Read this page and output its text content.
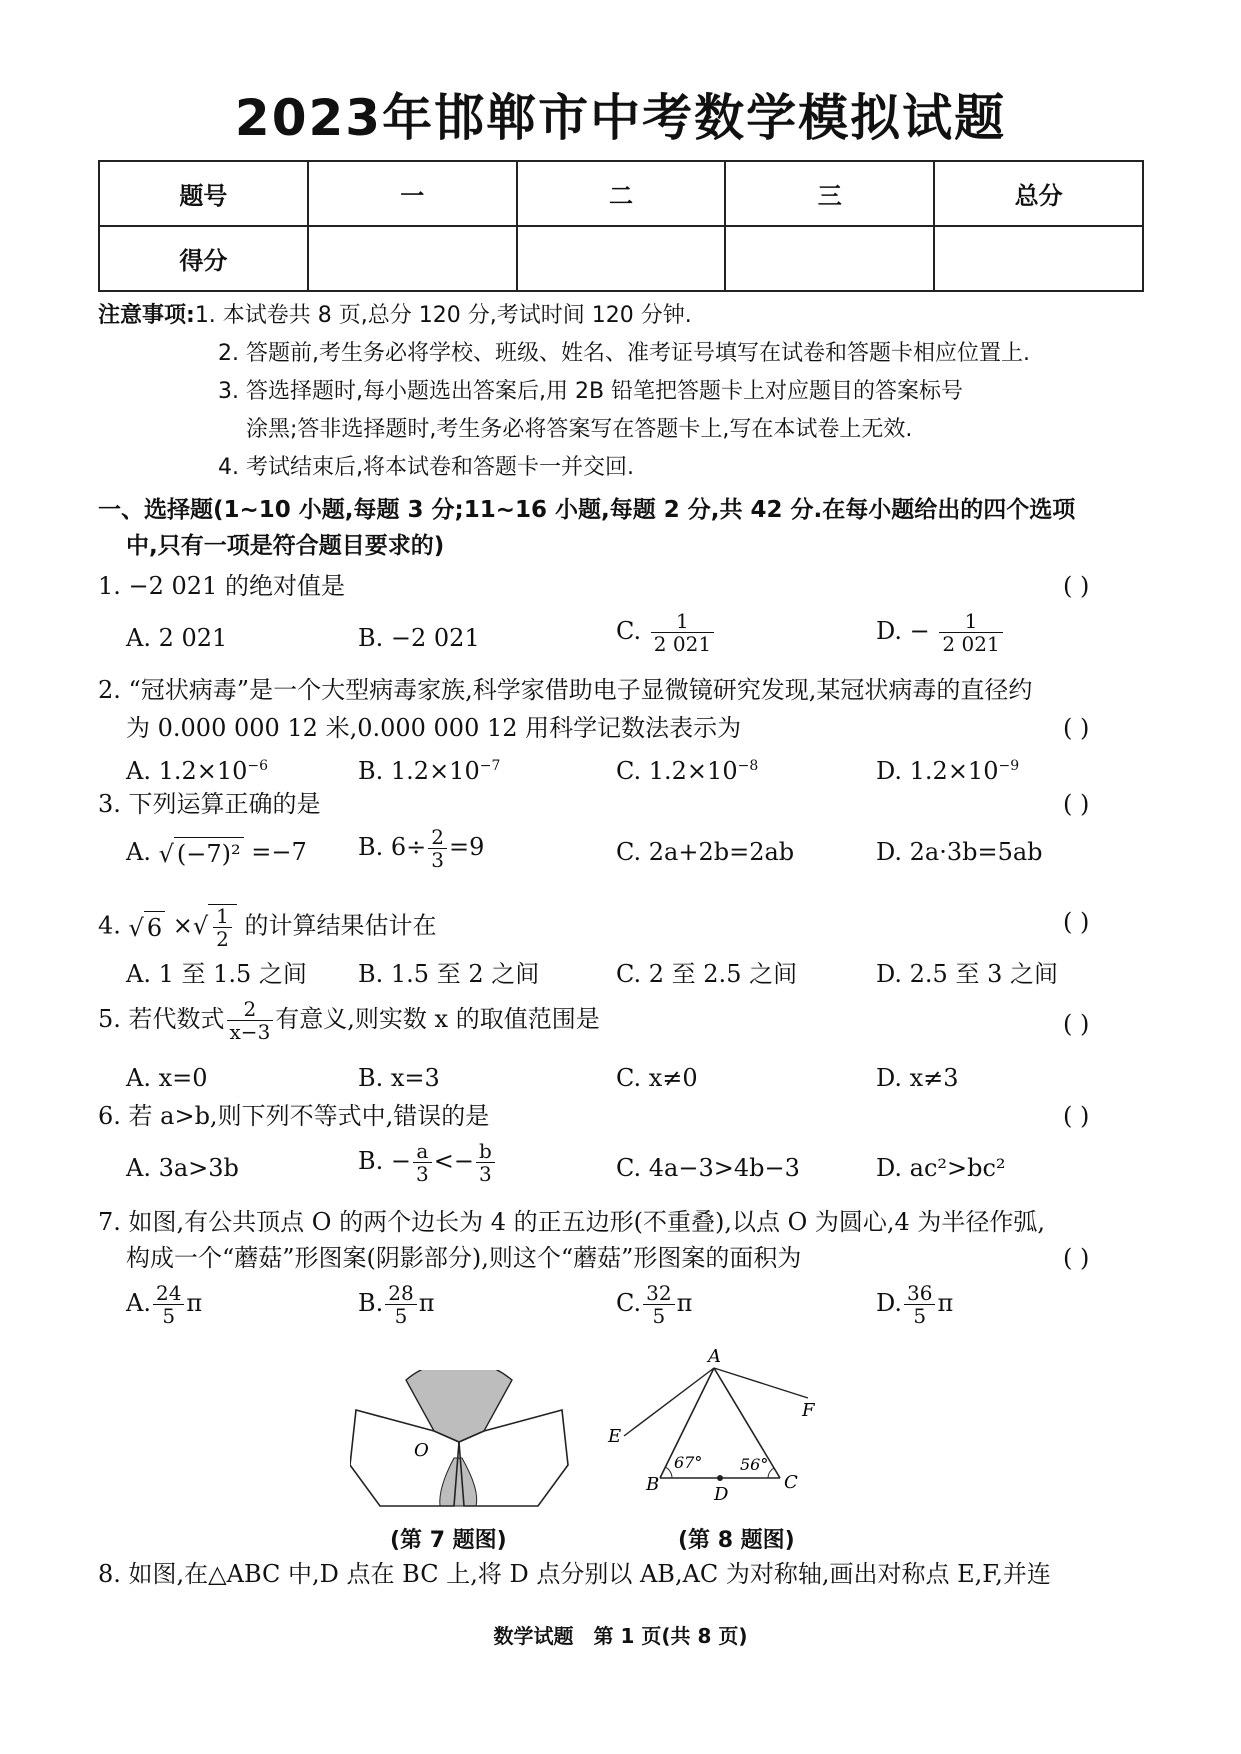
2023年邯郸市中考数学模拟试题
题号	一	二	三	总分
得分				
注意事项:1. 本试卷共 8 页,总分 120 分,考试时间 120 分钟.
2. 答题前,考生务必将学校、班级、姓名、准考证号填写在试卷和答题卡相应位置上.
3. 答选择题时,每小题选出答案后,用 2B 铅笔把答题卡上对应题目的答案标号
涂黑;答非选择题时,考生务必将答案写在答题卡上,写在本试卷上无效.
4. 考试结束后,将本试卷和答题卡一并交回.
一、选择题(1~10 小题,每题 3 分;11~16 小题,每题 2 分,共 42 分.在每小题给出的四个选项
中,只有一项是符合题目要求的)
1. −2 021 的绝对值是	( )
A. 2 021	B. −2 021	C. $\frac{1}{2 021}$	D. − $\frac{1}{2 021}$
2. “冠状病毒”是一个大型病毒家族,科学家借助电子显微镜研究发现,某冠状病毒的直径约
为 0.000 000 12 米,0.000 000 12 用科学记数法表示为	( )
A. $1.2\times 10^{-6}$	B. $1.2\times 10^{-7}$	C. $1.2\times 10^{-8}$	D. $1.2\times 10^{-9}$
3. 下列运算正确的是	( )
A. √ (−7)² =−7 B. $6\div \frac{2}{3} =9$	C. 2a+2b=2ab	D. 2a·3b=5ab
4. √ 6 ×√ $\frac{1}{2}$ 的计算结果估计在	( )
A. 1 至 1.5 之间 B. 1.5 至 2 之间	C. 2 至 2.5 之间	D. 2.5 至 3 之间
5. 若代数式 $\frac{2}{x-3}$ 有意义,则实数 x 的取值范围是	( )
A. x=0	B. x=3	C. x≠0	D. x≠3
6. 若 a>b,则下列不等式中,错误的是	( )
A. 3a>3b	B. − $\frac{a}{3} <- \frac{b}{3}$	C. 4a−3>4b−3	D. ac²>bc²
7. 如图,有公共顶点 O 的两个边长为 4 的正五边形(不重叠),以点 O 为圆心,4 为半径作弧,
构成一个“蘑菇”形图案(阴影部分),则这个“蘑菇”形图案的面积为	( )
A. $\frac{24}{5}$ π	B. $\frac{28}{5}$ π	C. $\frac{32}{5}$ π	D. $\frac{36}{5}$ π
O
(第 7 题图)
A
B	C
D
E
F
67° 56°
(第 8 题图)
8. 如图,在△ABC 中,D 点在 BC 上,将 D 点分别以 AB,AC 为对称轴,画出对称点 E,F,并连
数学试题　第 1 页(共 8 页)
